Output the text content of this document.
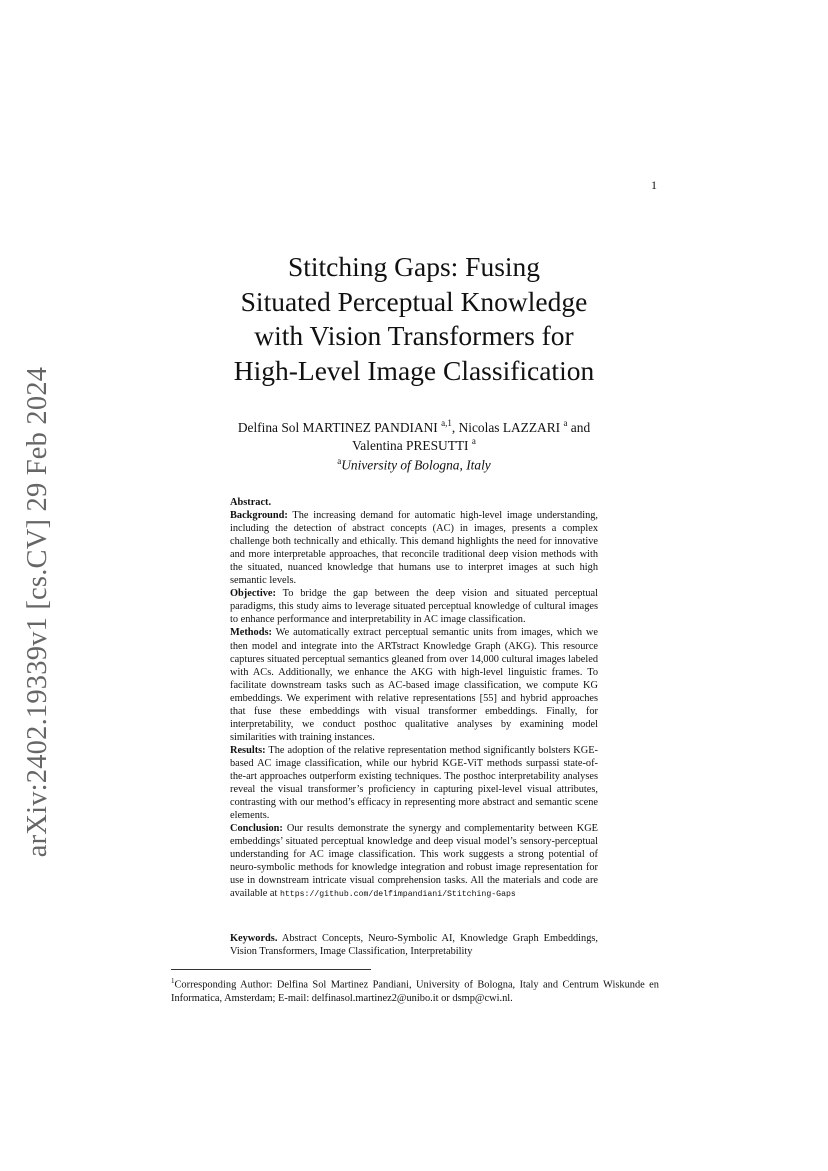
arXiv:2402.19339v1 [cs.CV] 29 Feb 2024
1
Stitching Gaps: Fusing
Situated Perceptual Knowledge
with Vision Transformers for
High-Level Image Classification
Delfina Sol MARTINEZ PANDIANI $^{a,1}$, Nicolas LAZZARI $^a$ and
Valentina PRESUTTI $^a$
$^a$University of Bologna, Italy

Abstract.

Background: The increasing demand for automatic high-level image understanding, including the detection of abstract concepts (AC) in images, presents a complex challenge both technically and ethically. This demand highlights the need for innovative and more interpretable approaches, that reconcile traditional deep vision methods with the situated, nuanced knowledge that humans use to interpret images at such high semantic levels.

Objective: To bridge the gap between the deep vision and situated perceptual paradigms, this study aims to leverage situated perceptual knowledge of cultural images to enhance performance and interpretability in AC image classification.

Methods: We automatically extract perceptual semantic units from images, which we then model and integrate into the ARTstract Knowledge Graph (AKG). This resource captures situated perceptual semantics gleaned from over 14,000 cultural images labeled with ACs. Additionally, we enhance the AKG with high-level linguistic frames. To facilitate downstream tasks such as AC-based image classification, we compute KG embeddings. We experiment with relative representations [55] and hybrid approaches that fuse these embeddings with visual transformer embeddings. Finally, for interpretability, we conduct posthoc qualitative analyses by examining model similarities with training instances.

Results: The adoption of the relative representation method significantly bolsters KGE-based AC image classification, while our hybrid KGE-ViT methods surpassi state-of-the-art approaches outperform existing techniques. The posthoc interpretability analyses reveal the visual transformer’s proficiency in capturing pixel-level visual attributes, contrasting with our method’s efficacy in representing more abstract and semantic scene elements.

Conclusion: Our results demonstrate the synergy and complementarity between KGE embeddings’ situated perceptual knowledge and deep visual model’s sensory-perceptual understanding for AC image classification. This work suggests a strong potential of neuro-symbolic methods for knowledge integration and robust image representation for use in downstream intricate visual comprehension tasks. All the materials and code are available at https://github.com/delfimpandiani/Stitching-Gaps

Keywords. Abstract Concepts, Neuro-Symbolic AI, Knowledge Graph Embeddings, Vision Transformers, Image Classification, Interpretability
$^1$Corresponding Author: Delfina Sol Martinez Pandiani, University of Bologna, Italy and Centrum Wiskunde en Informatica, Amsterdam; E-mail: delfinasol.martinez2@unibo.it or dsmp@cwi.nl.
